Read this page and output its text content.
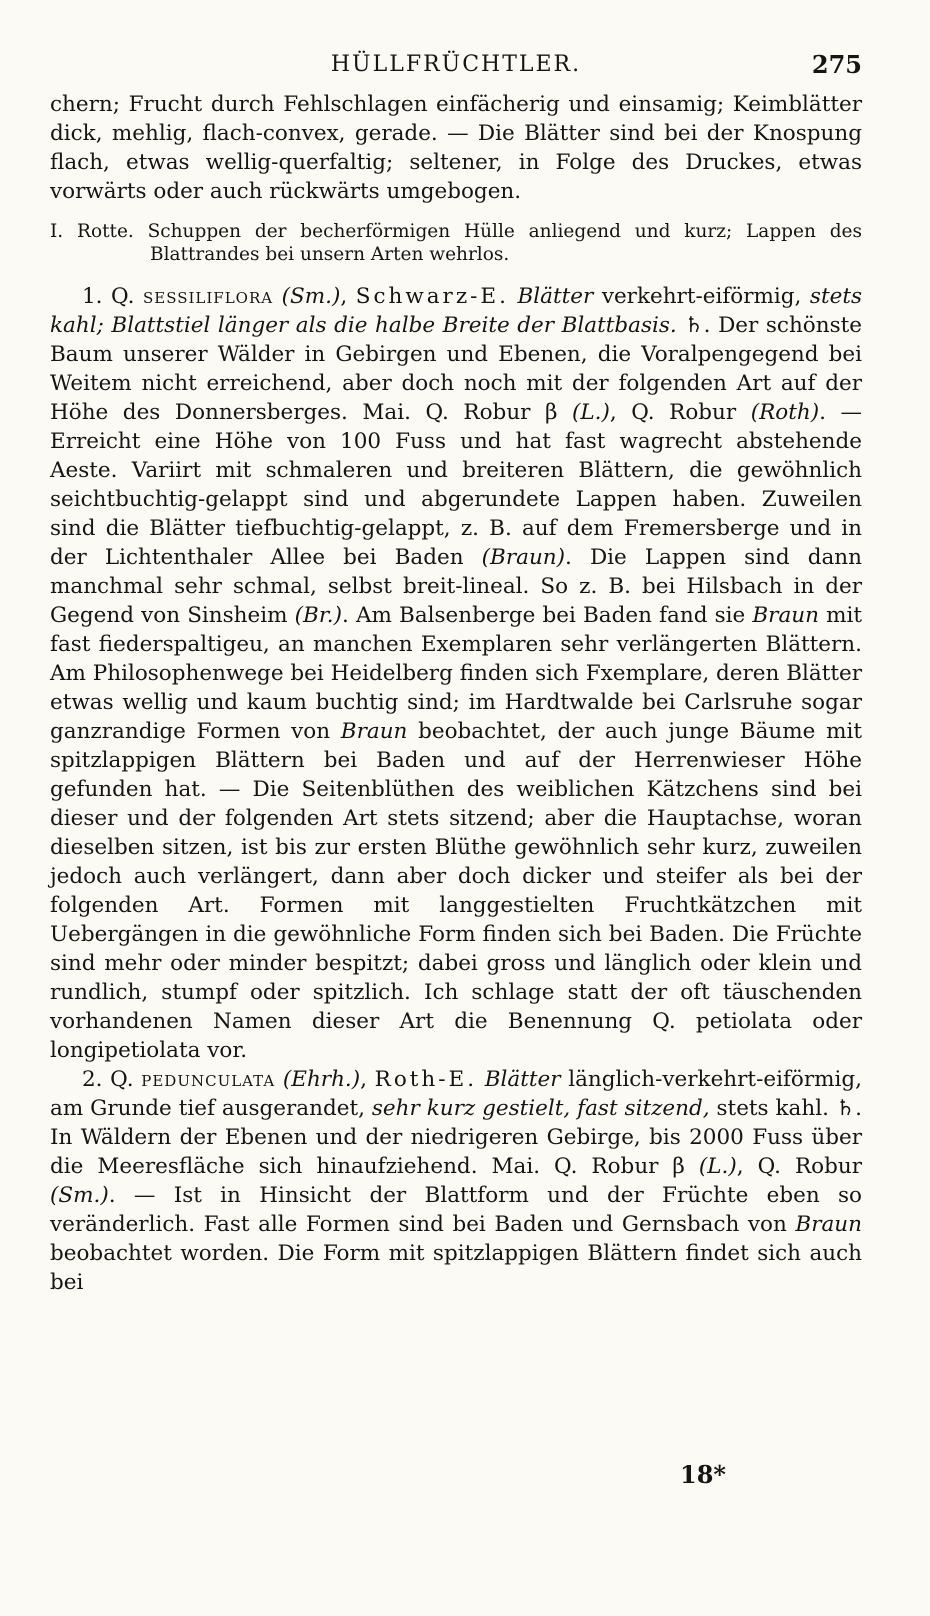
HÜLLFRÜCHTLER.	275

chern; Frucht durch Fehlschlagen einfächerig und einsamig; Keimblätter dick, mehlig, flach-convex, gerade. — Die Blätter sind bei der Knospung flach, etwas wellig-querfaltig; seltener, in Folge des Druckes, etwas vorwärts oder auch rückwärts umgebogen.

I. Rotte. Schuppen der becherförmigen Hülle anliegend und kurz; Lappen des Blattrandes bei unsern Arten wehrlos.

1. Q. sessiliflora (Sm.), Schwarz-E. Blätter verkehrt-eiförmig, stets kahl; Blattstiel länger als die halbe Breite der Blattbasis. ♄. Der schönste Baum unserer Wälder in Gebirgen und Ebenen, die Voralpengegend bei Weitem nicht erreichend, aber doch noch mit der folgenden Art auf der Höhe des Donnersberges. Mai. Q. Robur β (L.), Q. Robur (Roth). — Erreicht eine Höhe von 100 Fuss und hat fast wagrecht abstehende Aeste. Variirt mit schmaleren und breiteren Blättern, die gewöhnlich seichtbuchtig-gelappt sind und abgerundete Lappen haben. Zuweilen sind die Blätter tiefbuchtig-gelappt, z. B. auf dem Fremersberge und in der Lichtenthaler Allee bei Baden (Braun). Die Lappen sind dann manchmal sehr schmal, selbst breit-lineal. So z. B. bei Hilsbach in der Gegend von Sinsheim (Br.). Am Balsenberge bei Baden fand sie Braun mit fast fiederspaltigeu, an manchen Exemplaren sehr verlängerten Blättern. Am Philosophenwege bei Heidelberg finden sich Fxemplare, deren Blätter etwas wellig und kaum buchtig sind; im Hardtwalde bei Carlsruhe sogar ganzrandige Formen von Braun beobachtet, der auch junge Bäume mit spitzlappigen Blättern bei Baden und auf der Herrenwieser Höhe gefunden hat. — Die Seitenblüthen des weiblichen Kätzchens sind bei dieser und der folgenden Art stets sitzend; aber die Hauptachse, woran dieselben sitzen, ist bis zur ersten Blüthe gewöhnlich sehr kurz, zuweilen jedoch auch verlängert, dann aber doch dicker und steifer als bei der folgenden Art. Formen mit langgestielten Fruchtkätzchen mit Uebergängen in die gewöhnliche Form finden sich bei Baden. Die Früchte sind mehr oder minder bespitzt; dabei gross und länglich oder klein und rundlich, stumpf oder spitzlich. Ich schlage statt der oft täuschenden vorhandenen Namen dieser Art die Benennung Q. petiolata oder longipetiolata vor.

2. Q. pedunculata (Ehrh.), Roth-E. Blätter länglich-verkehrt-eiförmig, am Grunde tief ausgerandet, sehr kurz gestielt, fast sitzend, stets kahl. ♄. In Wäldern der Ebenen und der niedrigeren Gebirge, bis 2000 Fuss über die Meeresfläche sich hinaufziehend. Mai. Q. Robur β (L.), Q. Robur (Sm.). — Ist in Hinsicht der Blattform und der Früchte eben so veränderlich. Fast alle Formen sind bei Baden und Gernsbach von Braun beobachtet worden. Die Form mit spitzlappigen Blättern findet sich auch bei

18*
